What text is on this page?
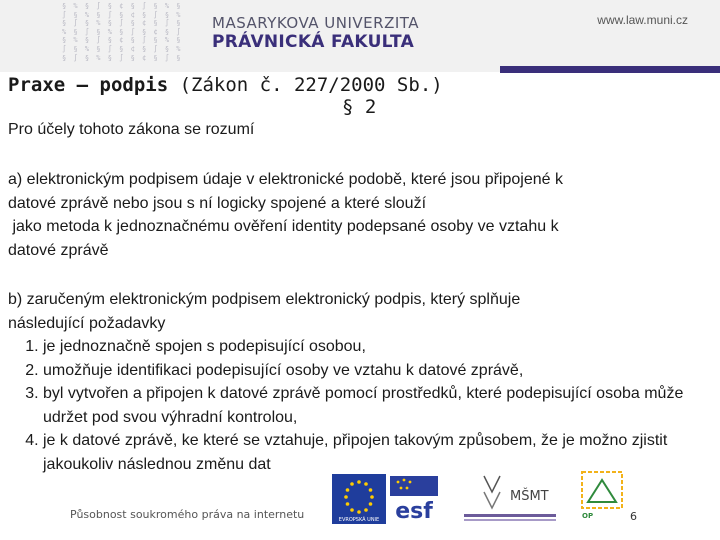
§ % § ∫ § ¢ § ∫ § % §
∫ § % § ∫ § ¢ § ∫ § %
§ ∫ § % § ∫ § ¢ § ∫ §
% § ∫ § % § ∫ § ¢ § ∫
§ % § ∫ § ¢ § ∫ § % §
∫ § % § ∫ § ¢ § ∫ § %
§ ∫ § % § ∫ § ¢ § ∫ §
MASARYKOVA UNIVERZITA
PRÁVNICKÁ FAKULTA
www.law.muni.cz
Praxe – podpis (Zákon č. 227/2000 Sb.)
§ 2
Pro účely tohoto zákona se rozumí

a) elektronickým podpisem údaje v elektronické podobě, které jsou připojené k

datové zprávě nebo jsou s ní logicky spojené a které slouží

jako metoda k jednoznačnému ověření identity podepsané osoby ve vztahu k

datové zprávě

b) zaručeným elektronickým podpisem elektronický podpis, který splňuje

následující požadavky

1. je jednoznačně spojen s podepisující osobou,
2. umožňuje identifikaci podepisující osoby ve vztahu k datové zprávě,
3. byl vytvořen a připojen k datové zprávě pomocí prostředků, které podepisující osoba může udržet pod svou výhradní kontrolou,
4. je k datové zprávě, ke které se vztahuje, připojen takovým způsobem, že je možno zjistit jakoukoliv následnou změnu dat
Působnost soukromého práva na internetu	EVROPSKÁ UNIE esf
MŠMT
OP	6
